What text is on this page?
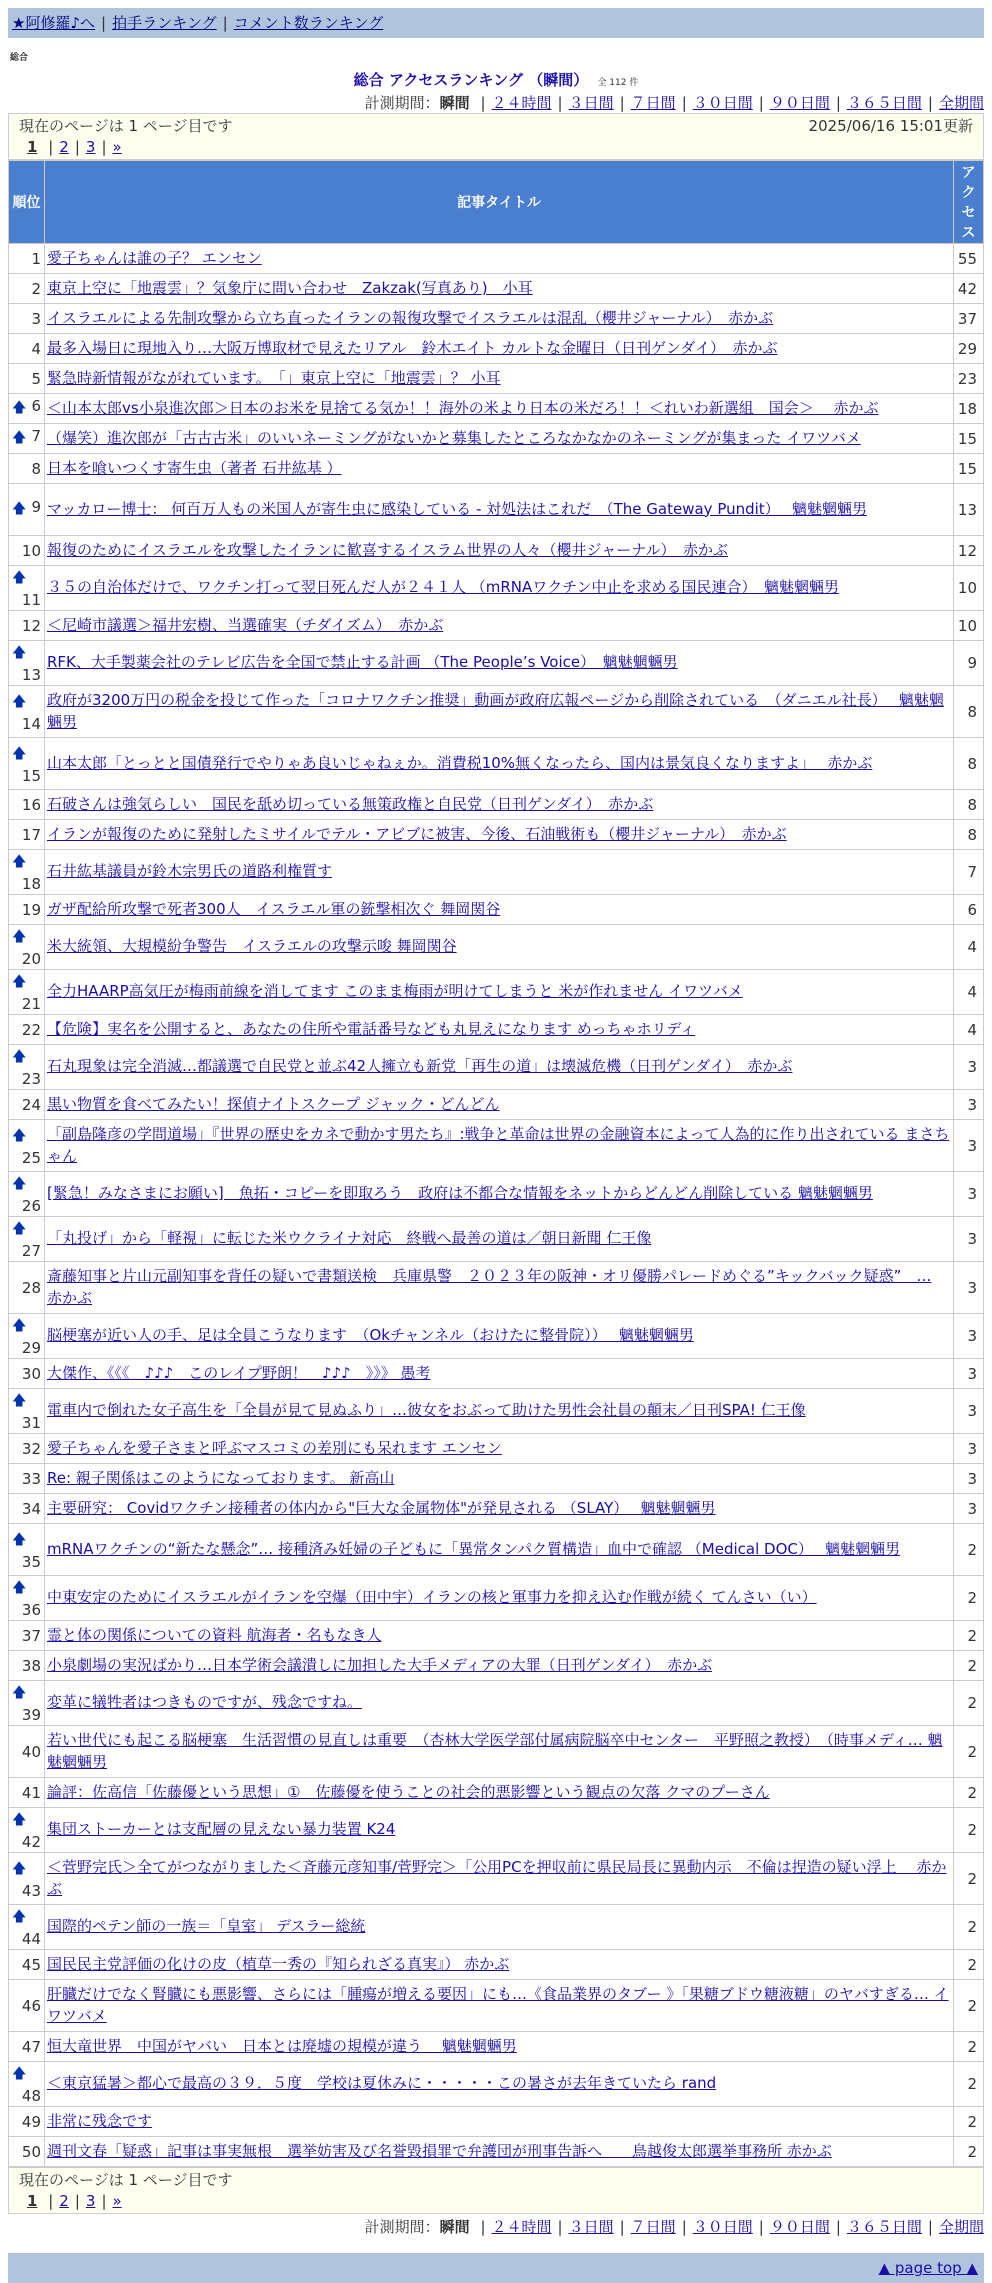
★阿修羅♪へ | 拍手ランキング | コメント数ランキング
総合
総合 アクセスランキング （瞬間） 全 112 件
計測期間：瞬間 | ２４時間 | ３日間 | ７日間 | ３０日間 | ９０日間 | ３６５日間 | 全期間
現在のページは 1 ページ目です	2025/06/16 15:01更新
1 | 2 | 3 | »
順位	記事タイトル	アクセス
1	愛子ちゃんは誰の子？ エンセン	55
2	東京上空に「地震雲」？気象庁に問い合わせ　Zakzak(写真あり)　小耳	42
3	イスラエルによる先制攻撃から立ち直ったイランの報復攻撃でイスラエルは混乱（櫻井ジャーナル）　赤かぶ	37
4	最多入場日に現地入り…大阪万博取材で見えたリアル　鈴木エイト カルトな金曜日（日刊ゲンダイ）　赤かぶ	29
5	緊急時新情報がながれています。　「」東京上空に「地震雲」？ 小耳	23

🡅 6	＜山本太郎vs小泉進次郎＞日本のお米を見捨てる気か！！海外の米より日本の米だろ！！＜れいわ新選組　国会＞　 赤かぶ	18

🡅 7	（爆笑）進次郎が「古古古米」のいいネーミングがないかと募集したところなかなかのネーミングが集まった イワツバメ	15
8	日本を喰いつくす寄生虫（著者 石井紘基 ）	15

🡅 9	マッカロー博士： 何百万人もの米国人が寄生虫に感染している - 対処法はこれだ　（The Gateway Pundit）　 魑魅魍魎男	13
10	報復のためにイスラエルを攻撃したイランに歓喜するイスラム世界の人々（櫻井ジャーナル）　赤かぶ	12

🡅
11	３５の自治体だけで、ワクチン打って翌日死んだ人が２４１人 （mRNAワクチン中止を求める国民連合）　魑魅魍魎男	10
12	＜尼崎市議選＞福井宏樹、当選確実（チダイズム）　赤かぶ	10

🡅
13	RFK、大手製薬会社のテレビ広告を全国で禁止する計画 （The People’s Voice）　魑魅魍魎男	9

🡅
14	政府が3200万円の税金を投じて作った「コロナワクチン推奨」動画が政府広報ページから削除されている　（ダニエル社長）　 魑魅魍魎男	8

🡅
15	山本太郎「とっとと国債発行でやりゃあ良いじゃねぇか。消費税10%無くなったら、国内は景気良くなりますよ」　 赤かぶ	8
16	石破さんは強気らしい　国民を舐め切っている無策政権と自民党（日刊ゲンダイ）　赤かぶ	8
17	イランが報復のために発射したミサイルでテル・アビブに被害、今後、石油戦術も（櫻井ジャーナル）　赤かぶ	8

🡅
18	石井紘基議員が鈴木宗男氏の道路利権質す	7
19	ガザ配給所攻撃で死者300人　イスラエル軍の銃撃相次ぐ 舞岡関谷	6

🡅
20	米大統領、大規模紛争警告　イスラエルの攻撃示唆 舞岡関谷	4

🡅
21	全力HAARP高気圧が梅雨前線を消してます このまま梅雨が明けてしまうと 米が作れません イワツバメ	4
22	【危険】実名を公開すると、あなたの住所や電話番号なども丸見えになります めっちゃホリディ	4

🡅
23	石丸現象は完全消滅…都議選で自民党と並ぶ42人擁立も新党「再生の道」は壊滅危機（日刊ゲンダイ）　赤かぶ	3
24	黒い物質を食べてみたい！探偵ナイトスクープ ジャック・どんどん	3

🡅
25	「副島隆彦の学問道場」『世界の歴史をカネで動かす男たち』:戦争と革命は世界の金融資本によって人為的に作り出されている まさちゃん	3

🡅
26	[緊急！みなさまにお願い]　魚拓・コピーを即取ろう　政府は不都合な情報をネットからどんどん削除している 魑魅魍魎男	3

🡅
27	「丸投げ」から「軽視」に転じた米ウクライナ対応　終戦へ最善の道は／朝日新聞 仁王像	3
28	斎藤知事と片山元副知事を背任の疑いで書類送検　兵庫県警　２０２３年の阪神・オリ優勝パレードめぐる”キックバック疑惑”　… 赤かぶ	3

🡅
29	脳梗塞が近い人の手、足は全員こうなります　（Okチャンネル（おけたに整骨院））　 魑魅魍魎男	3
30	大傑作、《《《　♪♪♪　このレイプ野朗！　♪♪♪　》》》 愚考	3

🡅
31	電車内で倒れた女子高生を「全員が見て見ぬふり」…彼女をおぶって助けた男性会社員の顛末／日刊SPA! 仁王像	3
32	愛子ちゃんを愛子さまと呼ぶマスコミの差別にも呆れます エンセン	3
33	Re: 親子関係はこのようになっております。 新高山	3
34	主要研究： Covidワクチン接種者の体内から"巨大な金属物体"が発見される （SLAY）　 魑魅魍魎男	3

🡅
35	mRNAワクチンの“新たな懸念”… 接種済み妊婦の子どもに「異常タンパク質構造」血中で確認 （Medical DOC）　 魑魅魍魎男	2

🡅
36	中東安定のためにイスラエルがイランを空爆（田中宇）イランの核と軍事力を抑え込む作戦が続く てんさい（い）	2
37	霊と体の関係についての資料 航海者・名もなき人	2
38	小泉劇場の実況ばかり…日本学術会議潰しに加担した大手メディアの大罪（日刊ゲンダイ）　赤かぶ	2

🡅
39	変革に犠牲者はつきものですが、残念ですね。	2
40	若い世代にも起こる脳梗塞　生活習慣の見直しは重要　（杏林大学医学部付属病院脳卒中センター　平野照之教授）　（時事メディ… 魑魅魍魎男	2
41	論評：佐高信「佐藤優という思想」①　佐藤優を使うことの社会的悪影響という観点の欠落 クマのプーさん	2

🡅
42	集団ストーカーとは支配層の見えない暴力装置 K24	2

🡅
43	＜菅野完氏＞全てがつながりました＜斉藤元彦知事/菅野完＞「公用PCを押収前に県民局長に異動内示　不倫は捏造の疑い浮上　 赤かぶ	2

🡅
44	国際的ペテン師の一族＝「皇室」 デスラー総統	2
45	国民民主党評価の化けの皮（植草一秀の『知られざる真実』） 赤かぶ	2
46	肝臓だけでなく腎臓にも悪影響、さらには「腫瘍が増える要因」にも…《食品業界のタブー 》「果糖ブドウ糖液糖」のヤバすぎる… イワツバメ	2
47	恒大竜世界　中国がヤバい　日本とは廃墟の規模が違う　 魑魅魍魎男	2

🡅
48	＜東京猛暑＞都心で最高の３９．５度　学校は夏休みに・・・・・この暑さが去年きていたら rand	2
49	非常に残念です	2
50	週刊文春「疑惑」記事は事実無根　選挙妨害及び名誉毀損罪で弁護団が刑事告訴へ　　鳥越俊太郎選挙事務所 赤かぶ	2
現在のページは 1 ページ目です
1 | 2 | 3 | »
計測期間：瞬間 | ２４時間 | ３日間 | ７日間 | ３０日間 | ９０日間 | ３６５日間 | 全期間
▲ page top ▲
